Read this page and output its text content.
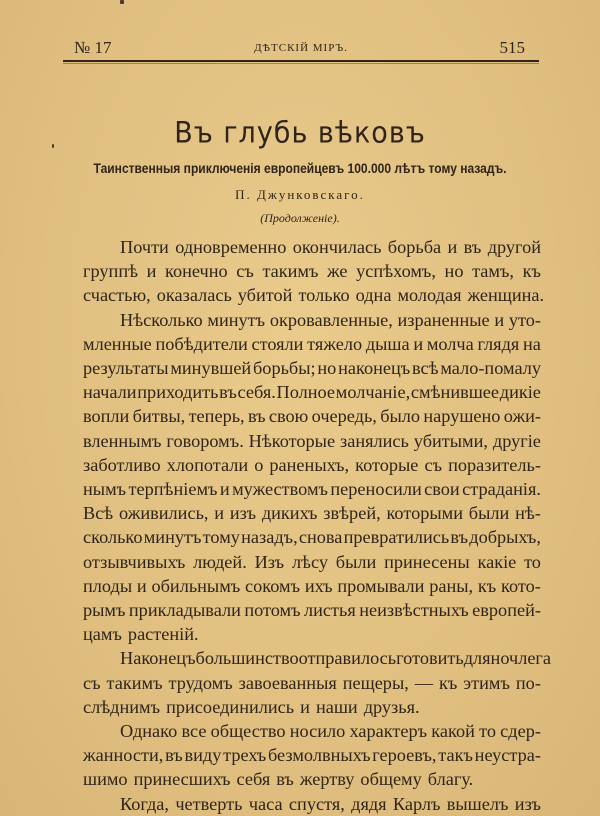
№ 17	ДѢТСКІЙ МІРЪ.	515
Въ глубь вѣковъ
Таинственныя приключенія европейцевъ 100.000 лѣтъ тому назадъ.
П. Джунковскаго.
(Продолженіе).
Почти одновременно окончилась борьба и въ другой
группѣ и конечно съ такимъ же успѣхомъ, но тамъ, къ
счастью, оказалась убитой только одна молодая женщина.
Нѣсколько минутъ окровавленные, израненные и уто-
мленные побѣдители стояли тяжело дыша и молча глядя на
результаты минувшей борьбы; но наконецъ всѣ мало-помалу
начали приходить въ себя. Полное молчаніе, смѣнившее дикіе
вопли битвы, теперь, въ свою очередь, было нарушено ожи-
вленнымъ говоромъ. Нѣкоторые занялись убитыми, другіе
заботливо хлопотали о раненыхъ, которые съ поразитель-
нымъ терпѣніемъ и мужествомъ переносили свои страданія.
Всѣ оживились, и изъ дикихъ звѣрей, которыми были нѣ-
сколько минутъ тому назадъ, снова превратились въ добрыхъ,
отзывчивыхъ людей. Изъ лѣсу были принесены какіе то
плоды и обильнымъ сокомъ ихъ промывали раны, къ кото-
рымъ прикладывали потомъ листья неизвѣстныхъ европей-
цамъ растеній.
Наконецъ большинство отправилось готовить для ночлега
съ такимъ трудомъ завоеванныя пещеры, — къ этимъ по-
слѣднимъ присоединились и наши друзья.
Однако все общество носило характеръ какой то сдер-
жанности, въ виду трехъ безмолвныхъ героевъ, такъ неустра-
шимо принесшихъ себя въ жертву общему благу.
Когда, четверть часа спустя, дядя Карлъ вышелъ изъ
